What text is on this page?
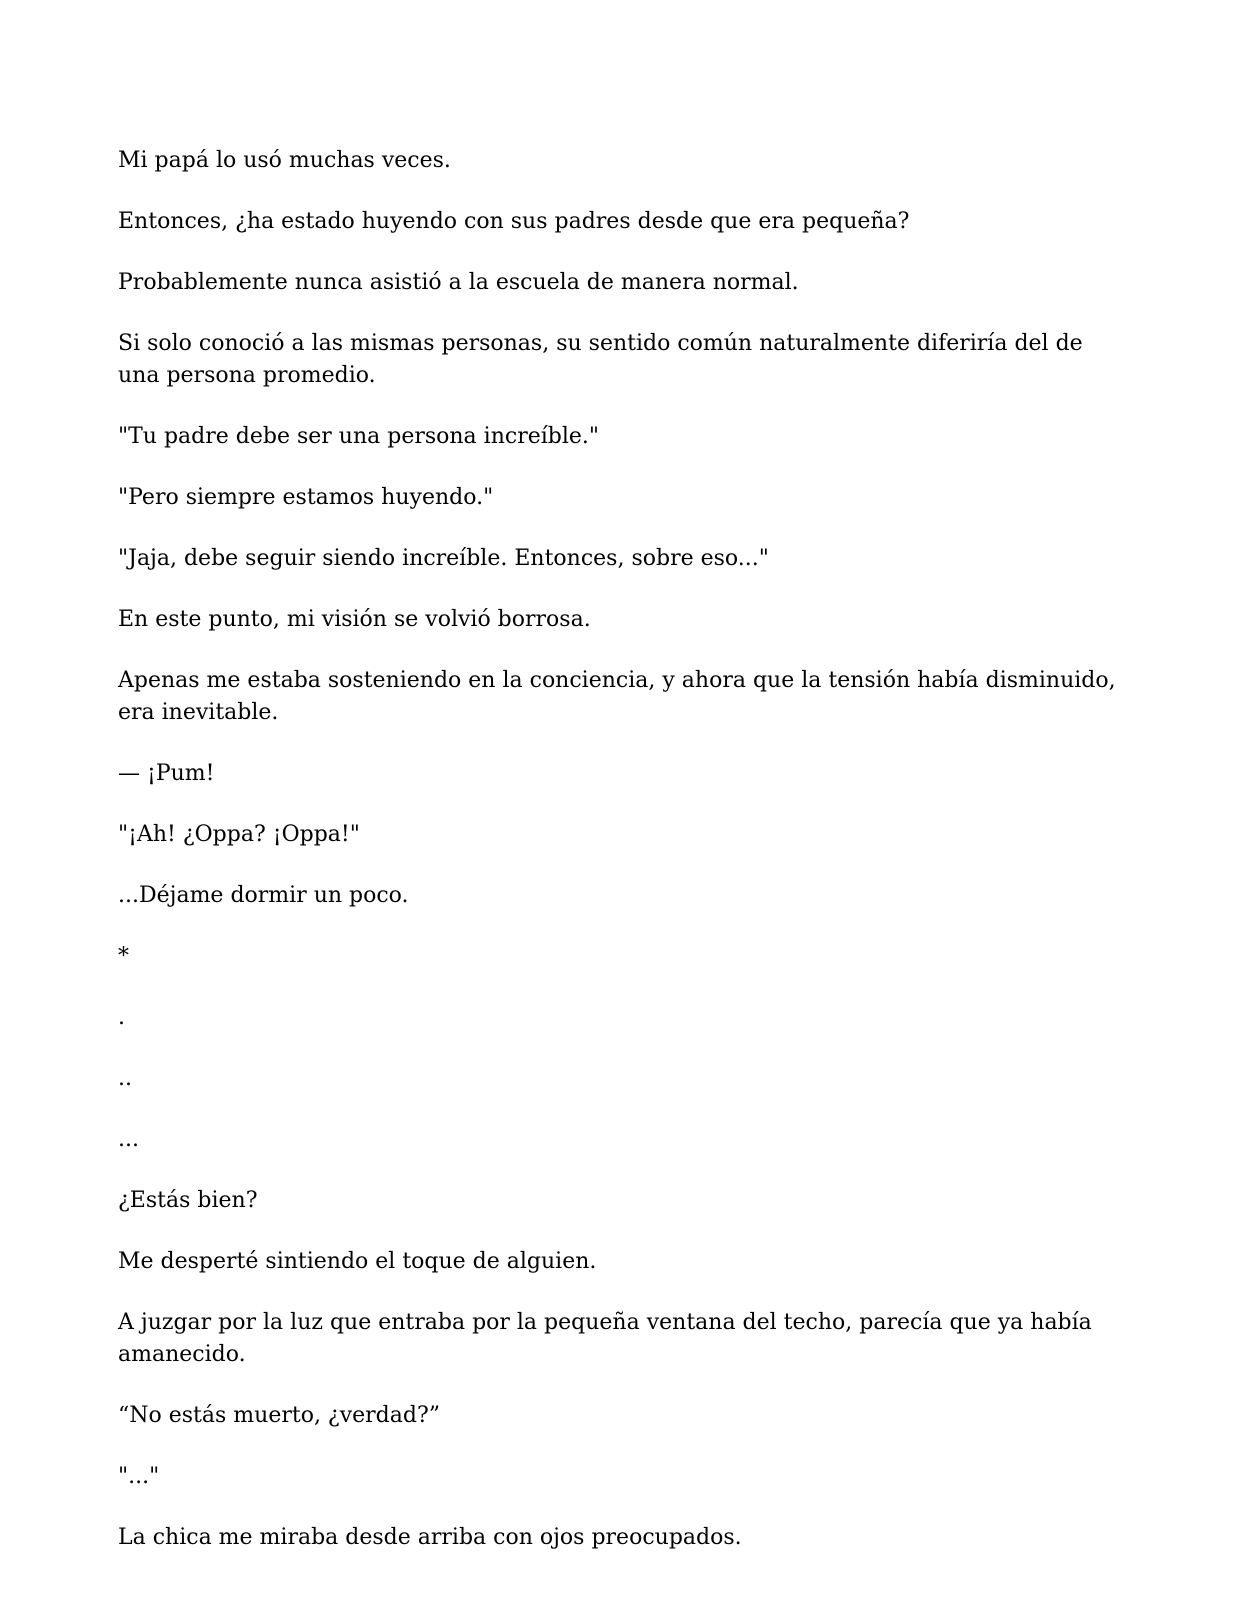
Mi papá lo usó muchas veces.

Entonces, ¿ha estado huyendo con sus padres desde que era pequeña?

Probablemente nunca asistió a la escuela de manera normal.

Si solo conoció a las mismas personas, su sentido común naturalmente diferiría del de una persona promedio.

"Tu padre debe ser una persona increíble."

"Pero siempre estamos huyendo."

"Jaja, debe seguir siendo increíble. Entonces, sobre eso..."

En este punto, mi visión se volvió borrosa.

Apenas me estaba sosteniendo en la conciencia, y ahora que la tensión había disminuido, era inevitable.

— ¡Pum!

"¡Ah! ¿Oppa? ¡Oppa!"

...Déjame dormir un poco.

*

.

..

...

¿Estás bien?

Me desperté sintiendo el toque de alguien.

A juzgar por la luz que entraba por la pequeña ventana del techo, parecía que ya había amanecido.

“No estás muerto, ¿verdad?”

"..."

La chica me miraba desde arriba con ojos preocupados.
